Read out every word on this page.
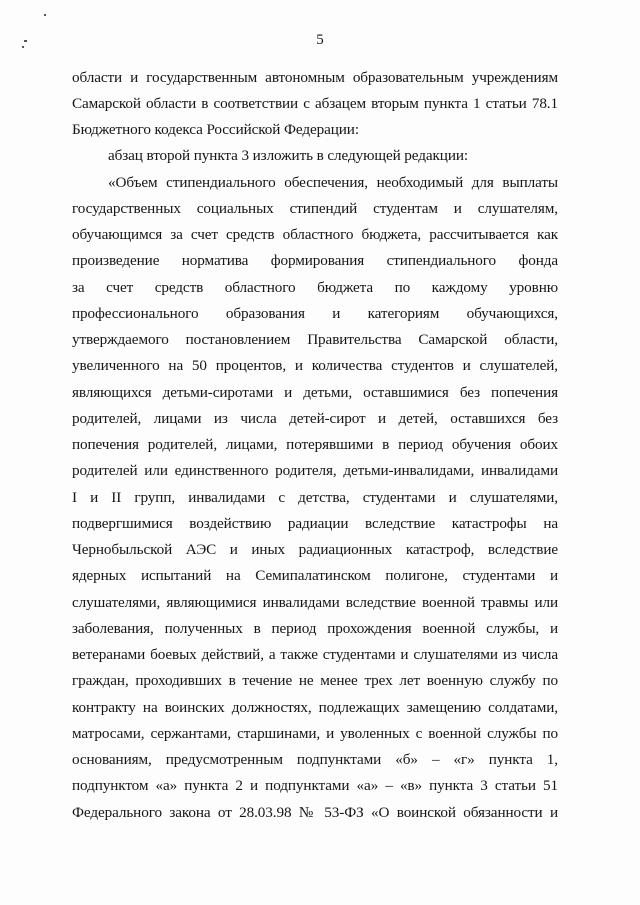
5
области и государственным автономным образовательным учреждениям
Самарской области в соответствии с абзацем вторым пункта 1 статьи 78.1
Бюджетного кодекса Российской Федерации:
абзац второй пункта 3 изложить в следующей редакции:
«Объем стипендиального обеспечения, необходимый для выплаты
государственных социальных стипендий студентам и слушателям,
обучающимся за счет средств областного бюджета, рассчитывается как
произведение норматива формирования стипендиального фонда
за счет средств областного бюджета по каждому уровню
профессионального образования и категориям обучающихся,
утверждаемого постановлением Правительства Самарской области,
увеличенного на 50 процентов, и количества студентов и слушателей,
являющихся детьми-сиротами и детьми, оставшимися без попечения
родителей, лицами из числа детей-сирот и детей, оставшихся без
попечения родителей, лицами, потерявшими в период обучения обоих
родителей или единственного родителя, детьми-инвалидами, инвалидами
I и II групп, инвалидами с детства, студентами и слушателями,
подвергшимися воздействию радиации вследствие катастрофы на
Чернобыльской АЭС и иных радиационных катастроф, вследствие
ядерных испытаний на Семипалатинском полигоне, студентами и
слушателями, являющимися инвалидами вследствие военной травмы или
заболевания, полученных в период прохождения военной службы, и
ветеранами боевых действий, а также студентами и слушателями из числа
граждан, проходивших в течение не менее трех лет военную службу по
контракту на воинских должностях, подлежащих замещению солдатами,
матросами, сержантами, старшинами, и уволенных с военной службы по
основаниям, предусмотренным подпунктами «б» – «г» пункта 1,
подпунктом «а» пункта 2 и подпунктами «а» – «в» пункта 3 статьи 51
Федерального закона от 28.03.98 № 53-ФЗ «О воинской обязанности и
